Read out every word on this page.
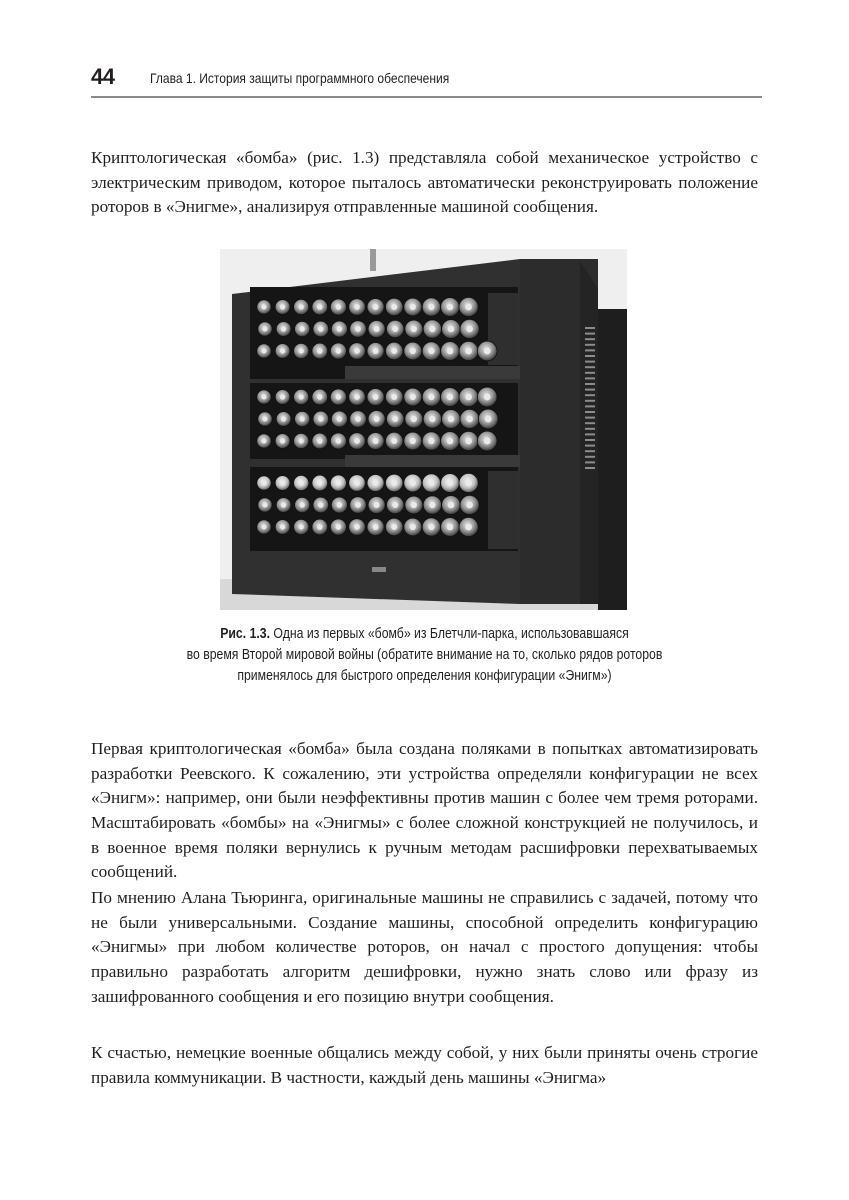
44	Глава 1. История защиты программного обеспечения

Криптологическая «бомба» (рис. 1.3) представляла собой механическое устройство с электрическим приводом, которое пыталось автоматически реконструировать положение роторов в «Энигме», анализируя отправленные машиной сообщения.

Рис. 1.3. Одна из первых «бомб» из Блетчли-парка, использовавшаяся
во время Второй мировой войны (обратите внимание на то, сколько рядов роторов
применялось для быстрого определения конфигурации «Энигм»)

Первая криптологическая «бомба» была создана поляками в попытках автоматизировать разработки Реевского. К сожалению, эти устройства определяли конфигурации не всех «Энигм»: например, они были неэффективны против машин с более чем тремя роторами. Масштабировать «бомбы» на «Энигмы» с более сложной конструкцией не получилось, и в военное время поляки вернулись к ручным методам расшифровки перехватываемых сообщений.

По мнению Алана Тьюринга, оригинальные машины не справились с задачей, потому что не были универсальными. Создание машины, способной определить конфигурацию «Энигмы» при любом количестве роторов, он начал с простого допущения: чтобы правильно разработать алгоритм дешифровки, нужно знать слово или фразу из зашифрованного сообщения и его позицию внутри сообщения.

К счастью, немецкие военные общались между собой, у них были приняты очень строгие правила коммуникации. В частности, каждый день машины «Энигма»
